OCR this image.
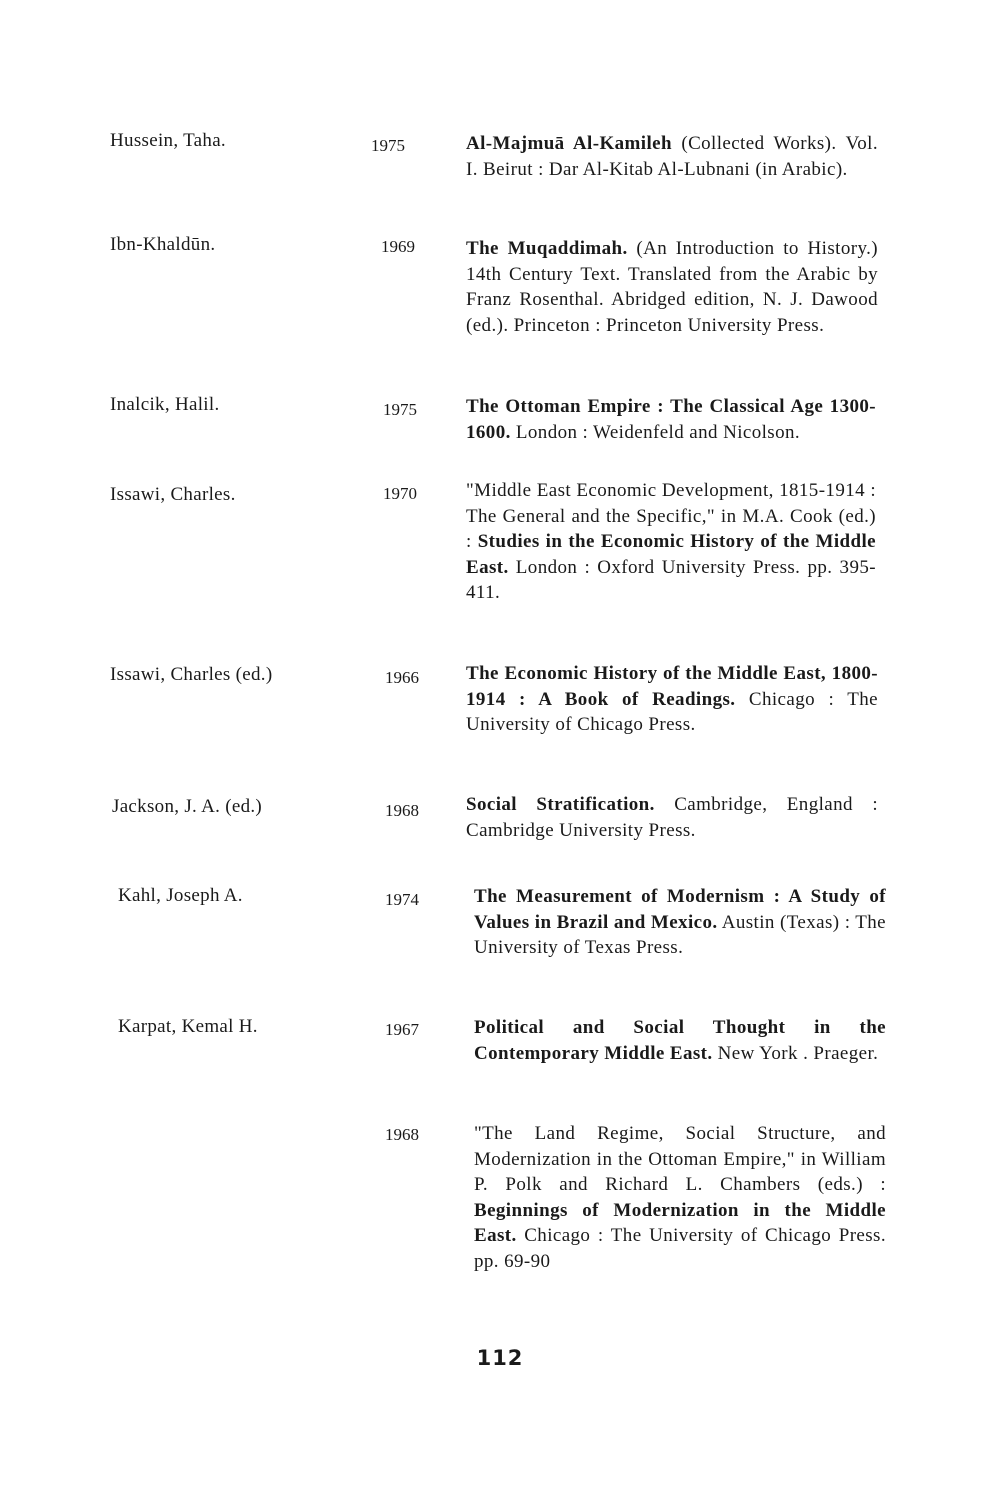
Hussein, Taha.	1975	Al-Majmuā Al-Kamileh (Collected Works). Vol. I. Beirut : Dar Al-Kitab Al-Lubnani (in Arabic).
Ibn-Khaldūn.	1969	The Muqaddimah. (An Introduction to History.) 14th Century Text. Translated from the Arabic by Franz Rosenthal. Abridged edition, N. J. Dawood (ed.). Princeton : Princeton University Press.
Inalcik, Halil.	1975	The Ottoman Empire : The Classical Age 1300-1600. London : Weidenfeld and Nicolson.
Issawi, Charles.	1970	"Middle East Economic Development, 1815-1914 : The General and the Specific," in M.A. Cook (ed.) : Studies in the Economic History of the Middle East. London : Oxford University Press. pp. 395-411.
Issawi, Charles (ed.)	1966 The Economic History of the Middle East, 1800-1914 : A Book of Readings. Chicago : The University of Chicago Press.
Jackson, J. A. (ed.)	1968 Social Stratification. Cambridge, England : Cambridge University Press.
Kahl, Joseph A.	1974	The Measurement of Modernism : A Study of Values in Brazil and Mexico. Austin (Texas) : The University of Texas Press.
Karpat, Kemal H.	1967	Political and Social Thought in the Contemporary Middle East. New York . Praeger.
1968	"The Land Regime, Social Structure, and Modernization in the Ottoman Empire," in William P. Polk and Richard L. Chambers (eds.) : Beginnings of Modernization in the Middle East. Chicago : The University of Chicago Press. pp. 69-90
112
